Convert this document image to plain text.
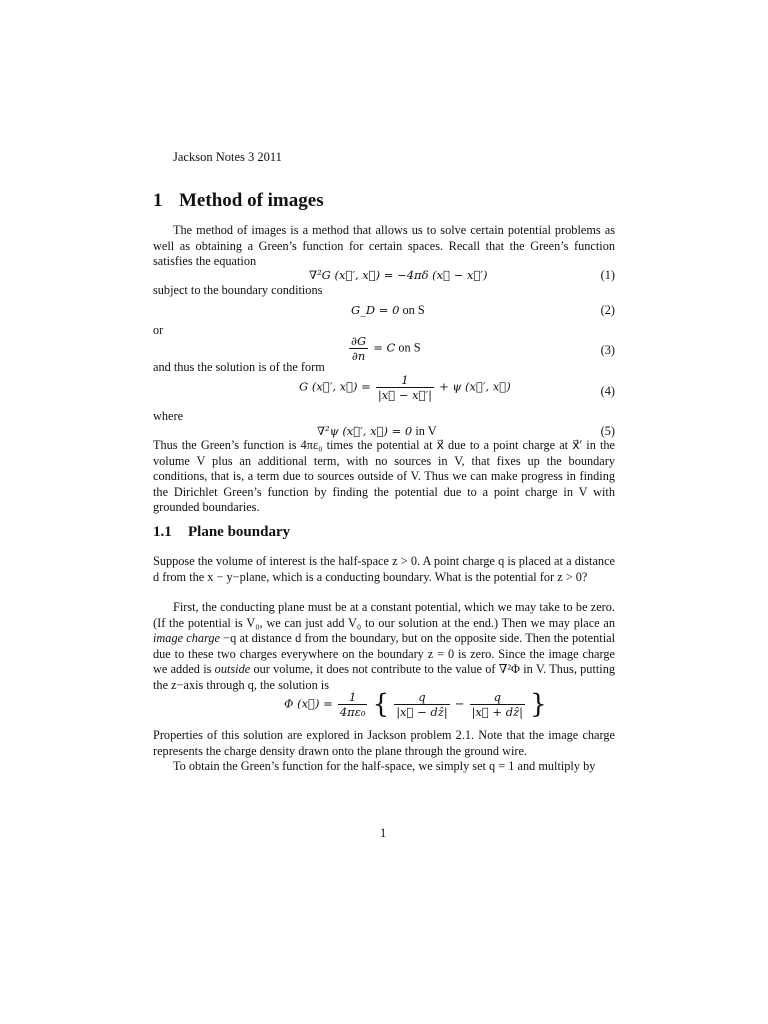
Jackson Notes 3 2011
1 Method of images

The method of images is a method that allows us to solve certain potential problems as well as obtaining a Green’s function for certain spaces. Recall that the Green’s function satisfies the equation

∇²G (x⃗′, x⃗) = −4πδ (x⃗ − x⃗′)	(1)
subject to the boundary conditions
G_D = 0 on S	(2)
or
$\frac{\partial G}{\partial n} = C$ on S	(3)
and thus the solution is of the form
G (x⃗′, x⃗) = $\frac{1}{|x⃗ - x⃗'|} + \psi$ (x⃗′, x⃗)	(4)
where
∇²ψ (x⃗′, x⃗) = 0 in V	(5)

Thus the Green’s function is 4πε₀ times the potential at x⃗ due to a point charge at x⃗′ in the volume V plus an additional term, with no sources in V, that fixes up the boundary conditions, that is, a term due to sources outside of V. Thus we can make progress in finding the Dirichlet Green’s function by finding the potential due to a point charge in V with grounded boundaries.

1.1 Plane boundary

Suppose the volume of interest is the half-space z > 0. A point charge q is placed at a distance d from the x − y−plane, which is a conducting boundary. What is the potential for z > 0?

First, the conducting plane must be at a constant potential, which we may take to be zero. (If the potential is V₀, we can just add V₀ to our solution at the end.) Then we may place an image charge −q at distance d from the boundary, but on the opposite side. Then the potential due to these two charges everywhere on the boundary z = 0 is zero. Since the image charge we added is outside our volume, it does not contribute to the value of ∇²Φ in V. Thus, putting the z−axis through q, the solution is

Φ (x⃗) = $\frac{1}{\text{4πε₀}}$ { $\frac{q}{\text{|x⃗ − dẑ|}} - \frac{q}{\text{|x⃗ + dẑ|}}$ }

Properties of this solution are explored in Jackson problem 2.1. Note that the image charge represents the charge density drawn onto the plane through the ground wire.

To obtain the Green’s function for the half-space, we simply set q = 1 and multiply by

1
